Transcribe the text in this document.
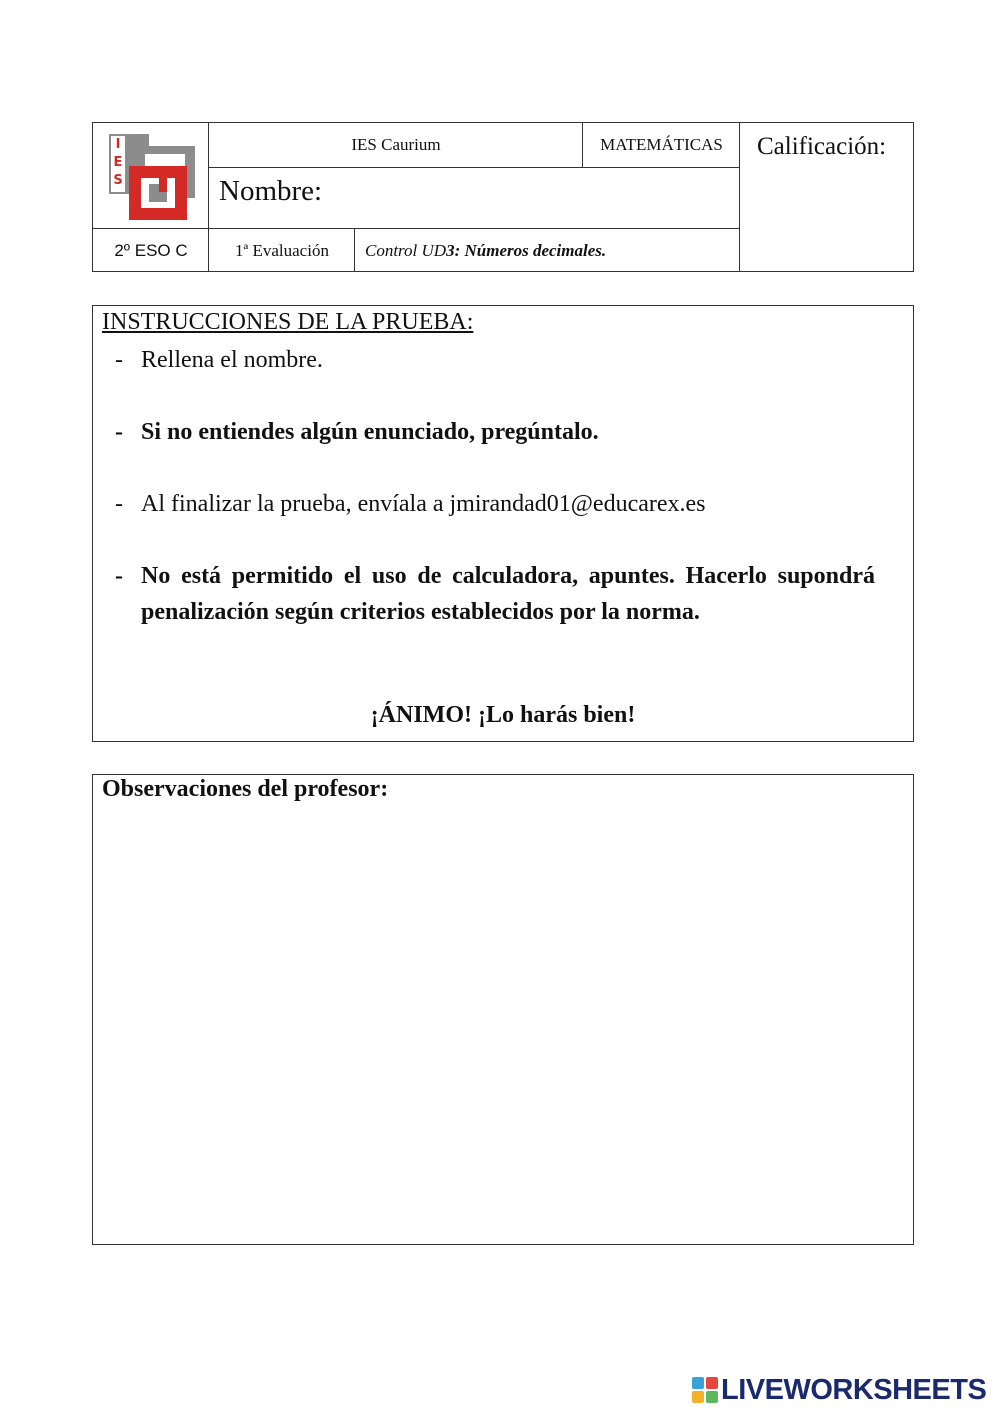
I
E
S
IES Caurium	MATEMÁTICAS
Nombre:
Calificación:
2º ESO C	1ª Evaluación	Control UD 3: Números decimales.
INSTRUCCIONES DE LA PRUEBA:
- Rellena el nombre.
- Si no entiendes algún enunciado, pregúntalo.
- Al finalizar la prueba, envíala a jmirandad01@educarex.es
- No está permitido el uso de calculadora, apuntes. Hacerlo supondrá penalización según criterios establecidos por la norma.
¡ÁNIMO! ¡Lo harás bien!
Observaciones del profesor:
LIVEWORKSHEETS
